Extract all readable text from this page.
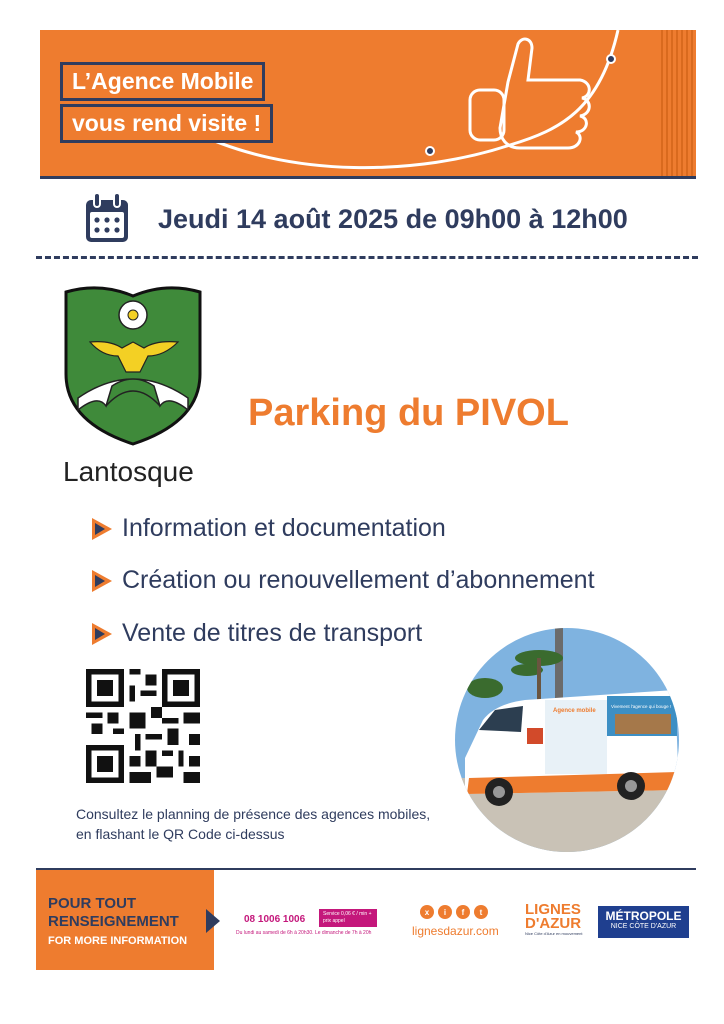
L’Agence Mobile
vous rend visite !
Jeudi 14 août 2025 de 09h00 à 12h00
Lantosque
Parking du PIVOL
Information et documentation
Création ou renouvellement d’abonnement
Vente de titres de transport
Consultez le planning de présence des agences mobiles,
en flashant le QR Code ci-dessus
Agence mobile
Vivement l'agence qui bouge !
POUR TOUT
RENSEIGNEMENT
FOR MORE INFORMATION
08 1006 1006	Service 0,06 € / min + prix appel
Du lundi au samedi de 6h à 20h30. Le dimanche de 7h à 20h
x	i	f	t
lignesdazur.com
LIGNES
D'AZUR
Nice Côte d'Azur en mouvement
MÉTROPOLE
NICE CÔTE D'AZUR
